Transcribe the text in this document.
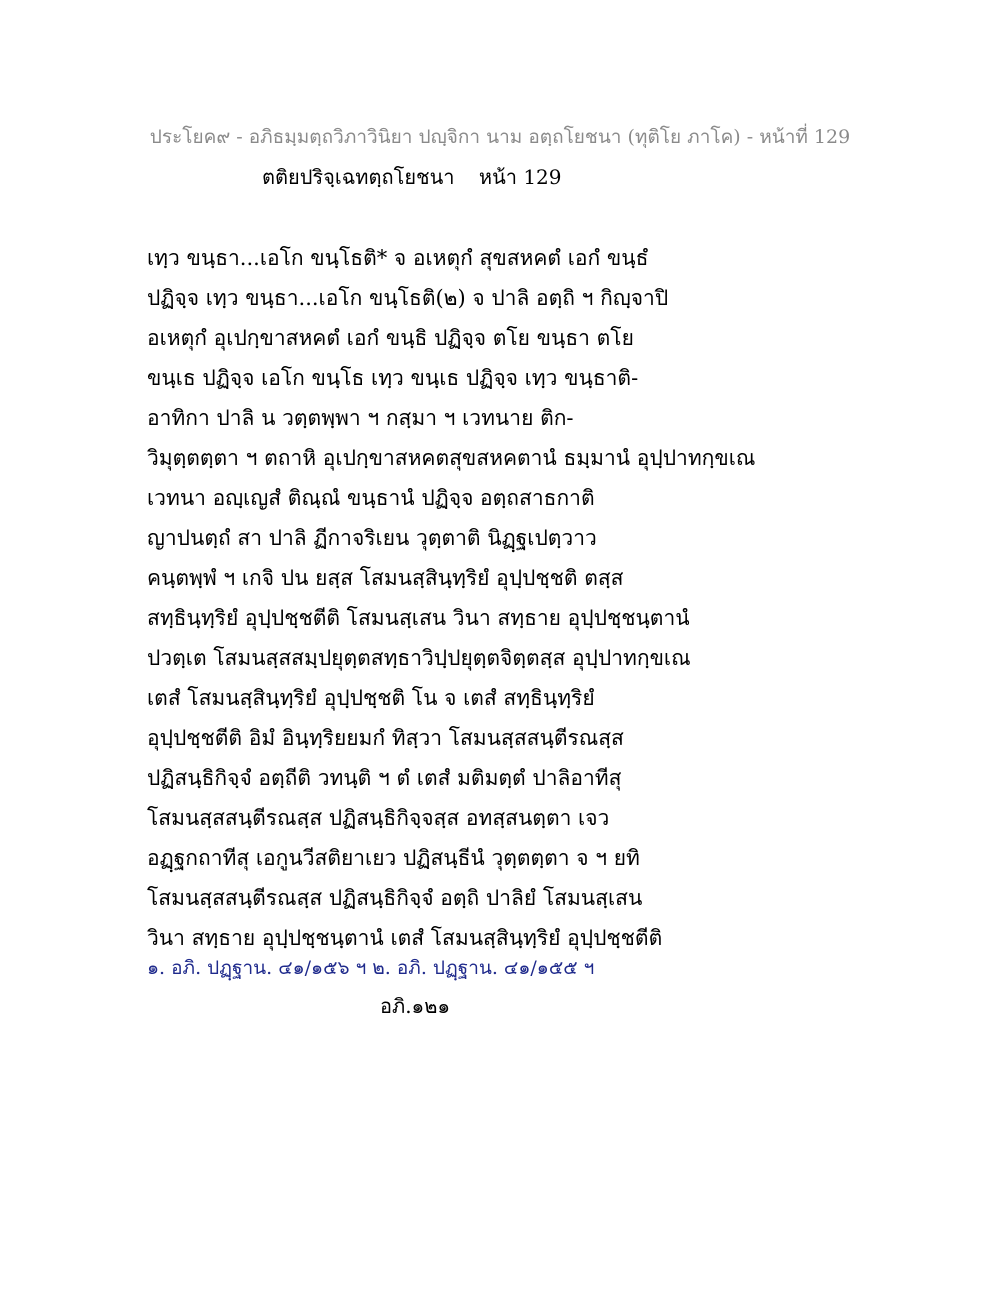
ประโยค๙ - อภิธมฺมตฺถวิภาวินิยา ปญฺจิกา นาม อตฺถโยชนา (ทุติโย ภาโค) - หน้าที่ 129
ตติยปริจฺเฉทตฺถโยชนา หน้า 129
เทฺว ขนฺธา...เอโก ขนฺโธติ* จ อเหตุกํ สุขสหคตํ เอกํ ขนฺธํ
ปฏิจฺจ เทฺว ขนฺธา...เอโก ขนฺโธติ(๒) จ ปาลิ อตฺถิ ฯ กิญฺจาปิ
อเหตุกํ อุเปกฺขาสหคตํ เอกํ ขนฺธิ ปฏิจฺจ ตโย ขนฺธา ตโย
ขนฺเธ ปฏิจฺจ เอโก ขนฺโธ เทฺว ขนฺเธ ปฏิจฺจ เทฺว ขนฺธาติ-
อาทิกา ปาลิ น วตฺตพฺพา ฯ กสฺมา ฯ เวทนาย ติก-
วิมุตฺตตฺตา ฯ ตถาหิ อุเปกฺขาสหคตสุขสหคตานํ ธมฺมานํ อุปฺปาทกฺขเณ
เวทนา อญฺเญสํ ติณฺณํ ขนฺธานํ ปฏิจฺจ อตฺถสาธกาติ
ญาปนตฺถํ สา ปาลิ ฏีกาจริเยน วุตฺตาติ นิฏฺฐเปตฺวาว
คนฺตพฺพํ ฯ เกจิ ปน ยสฺส โสมนสฺสินฺทฺริยํ อุปฺปชฺชติ ตสฺส
สทฺธินฺทฺริยํ อุปฺปชฺชตีติ โสมนสฺเสน วินา สทฺธาย อุปฺปชฺชนฺตานํ
ปวตฺเต โสมนสฺสสมฺปยุตฺตสทฺธาวิปฺปยุตฺตจิตฺตสฺส อุปฺปาทกฺขเณ
เตสํ โสมนสฺสินฺทฺริยํ อุปฺปชฺชติ โน จ เตสํ สทฺธินฺทฺริยํ
อุปฺปชฺชตีติ อิมํ อินฺทฺริยยมกํ ทิสฺวา โสมนสฺสสนฺตีรณสฺส
ปฏิสนฺธิกิจฺจํ อตฺถีติ วทนฺติ ฯ ตํ เตสํ มติมตฺตํ ปาลิอาทีสุ
โสมนสฺสสนฺตีรณสฺส ปฏิสนฺธิกิจฺจสฺส อทสฺสนตฺตา เจว
อฏฺฐกถาทีสุ เอกูนวีสติยาเยว ปฏิสนฺธีนํ วุตฺตตฺตา จ ฯ ยทิ
โสมนสฺสสนฺตีรณสฺส ปฏิสนฺธิกิจฺจํ อตฺถิ ปาลิยํ โสมนสฺเสน
วินา สทฺธาย อุปฺปชฺชนฺตานํ เตสํ โสมนสฺสินฺทฺริยํ อุปฺปชฺชตีติ
๑. อภิ. ปฏฺฐาน. ๔๑/๑๕๖ ฯ ๒. อภิ. ปฏฺฐาน. ๔๑/๑๕๕ ฯ
อภิ.๑๒๑
